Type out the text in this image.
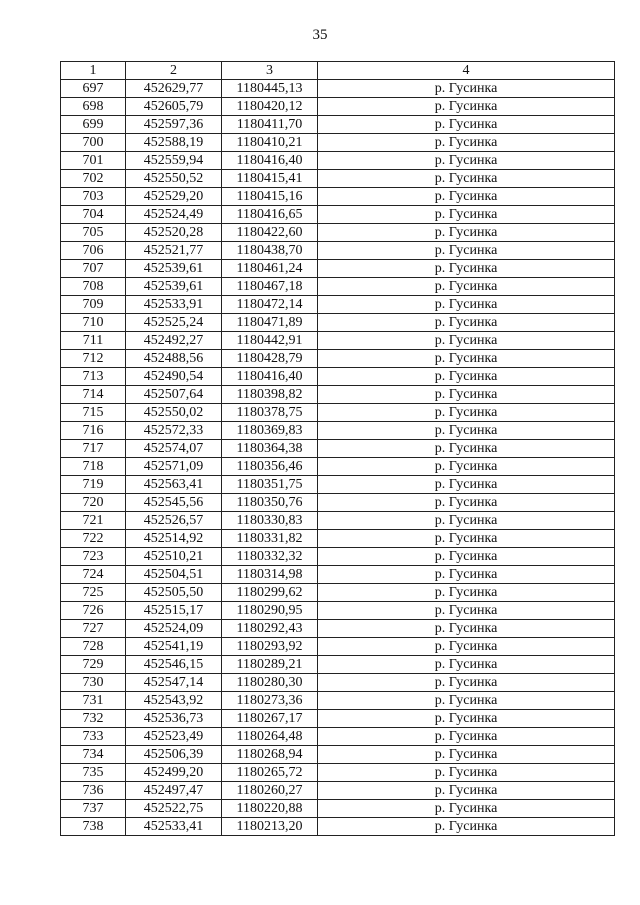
35
1	2	3	4
697	452629,77	1180445,13	р. Гусинка
698	452605,79	1180420,12	р. Гусинка
699	452597,36	1180411,70	р. Гусинка
700	452588,19	1180410,21	р. Гусинка
701	452559,94	1180416,40	р. Гусинка
702	452550,52	1180415,41	р. Гусинка
703	452529,20	1180415,16	р. Гусинка
704	452524,49	1180416,65	р. Гусинка
705	452520,28	1180422,60	р. Гусинка
706	452521,77	1180438,70	р. Гусинка
707	452539,61	1180461,24	р. Гусинка
708	452539,61	1180467,18	р. Гусинка
709	452533,91	1180472,14	р. Гусинка
710	452525,24	1180471,89	р. Гусинка
711	452492,27	1180442,91	р. Гусинка
712	452488,56	1180428,79	р. Гусинка
713	452490,54	1180416,40	р. Гусинка
714	452507,64	1180398,82	р. Гусинка
715	452550,02	1180378,75	р. Гусинка
716	452572,33	1180369,83	р. Гусинка
717	452574,07	1180364,38	р. Гусинка
718	452571,09	1180356,46	р. Гусинка
719	452563,41	1180351,75	р. Гусинка
720	452545,56	1180350,76	р. Гусинка
721	452526,57	1180330,83	р. Гусинка
722	452514,92	1180331,82	р. Гусинка
723	452510,21	1180332,32	р. Гусинка
724	452504,51	1180314,98	р. Гусинка
725	452505,50	1180299,62	р. Гусинка
726	452515,17	1180290,95	р. Гусинка
727	452524,09	1180292,43	р. Гусинка
728	452541,19	1180293,92	р. Гусинка
729	452546,15	1180289,21	р. Гусинка
730	452547,14	1180280,30	р. Гусинка
731	452543,92	1180273,36	р. Гусинка
732	452536,73	1180267,17	р. Гусинка
733	452523,49	1180264,48	р. Гусинка
734	452506,39	1180268,94	р. Гусинка
735	452499,20	1180265,72	р. Гусинка
736	452497,47	1180260,27	р. Гусинка
737	452522,75	1180220,88	р. Гусинка
738	452533,41	1180213,20	р. Гусинка
